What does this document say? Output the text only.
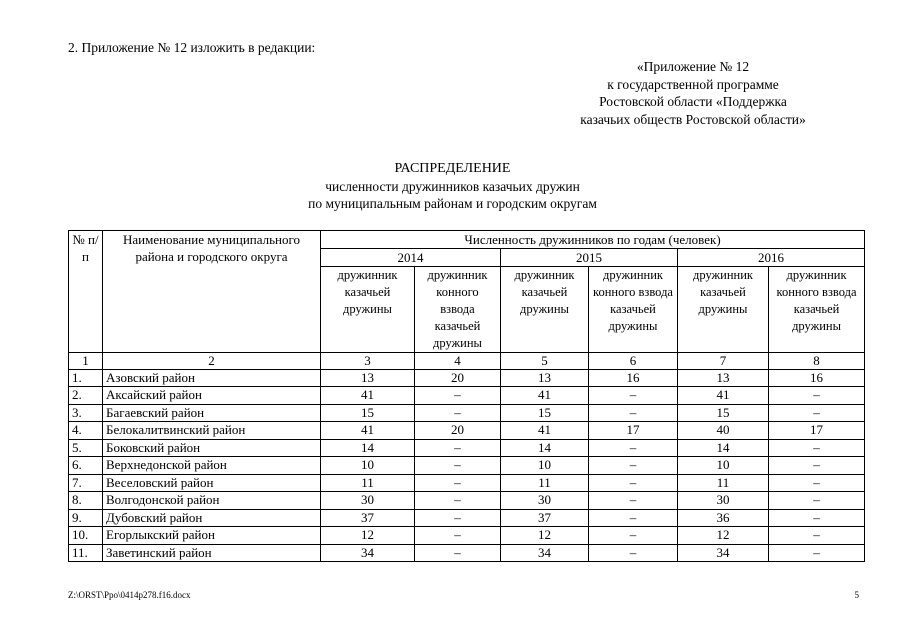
2. Приложение № 12 изложить в редакции:
«Приложение № 12
к государственной программе
Ростовской области «Поддержка
казачьих обществ Ростовской области»
РАСПРЕДЕЛЕНИЕ
численности дружинников казачьих дружин
по муниципальным районам и городским округам
№ п/п	Наименование муниципального района и городского округа	Численность дружинников по годам (человек)					
		2014		2015		2016	
		дружинник казачьей дружины	дружинник конного взвода казачьей дружины	дружинник казачьей дружины	дружинник конного взвода казачьей дружины	дружинник казачьей дружины	дружинник конного взвода казачьей дружины
1	2	3	4	5	6	7	8
1.	Азовский район	13	20	13	16	13	16
2.	Аксайский район	41	–	41	–	41	–
3.	Багаевский район	15	–	15	–	15	–
4.	Белокалитвинский район	41	20	41	17	40	17
5.	Боковский район	14	–	14	–	14	–
6.	Верхнедонской район	10	–	10	–	10	–
7.	Веселовский район	11	–	11	–	11	–
8.	Волгодонской район	30	–	30	–	30	–
9.	Дубовский район	37	–	37	–	36	–
10.	Егорлыкский район	12	–	12	–	12	–
11.	Заветинский район	34	–	34	–	34	–
Z:\ORST\Ppo\0414p278.f16.docx	5
